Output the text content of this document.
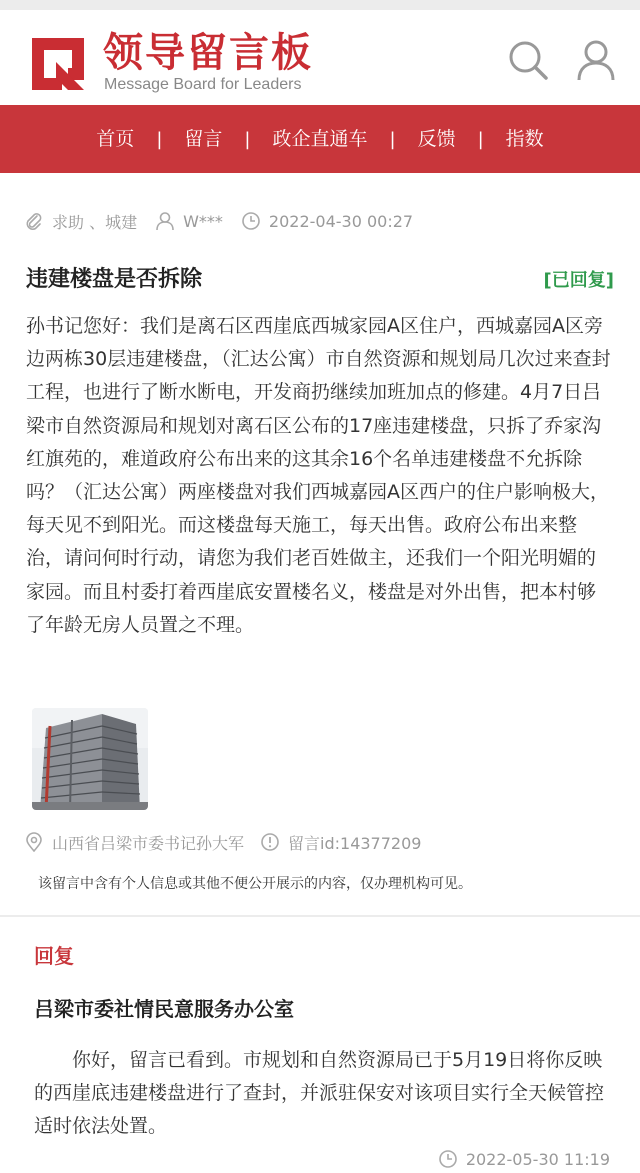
领导留言板
Message Board for Leaders
首页	|	留言	|	政企直通车	|	反馈	|	指数
求助 、城建	W***	2022-04-30 00:27
违建楼盘是否拆除	[已回复]
孙书记您好：我们是离石区西崖底西城家园A区住户，西城嘉园A区旁边两栋30层违建楼盘，（汇达公寓）市自然资源和规划局几次过来查封工程，也进行了断水断电，开发商扔继续加班加点的修建。4月7日吕梁市自然资源局和规划对离石区公布的17座违建楼盘，只拆了乔家沟红旗苑的，难道政府公布出来的这其余16个名单违建楼盘不允拆除吗？（汇达公寓）两座楼盘对我们西城嘉园A区西户的住户影响极大，每天见不到阳光。而这楼盘每天施工，每天出售。政府公布出来整治，请问何时行动，请您为我们老百姓做主，还我们一个阳光明媚的家园。而且村委打着西崖底安置楼名义，楼盘是对外出售，把本村够了年龄无房人员置之不理。
山西省吕梁市委书记孙大军	留言id:14377209
该留言中含有个人信息或其他不便公开展示的内容，仅办理机构可见。
回复
吕梁市委社情民意服务办公室
你好，留言已看到。市规划和自然资源局已于5月19日将你反映的西崖底违建楼盘进行了查封，并派驻保安对该项目实行全天候管控适时依法处置。
2022-05-30 11:19
